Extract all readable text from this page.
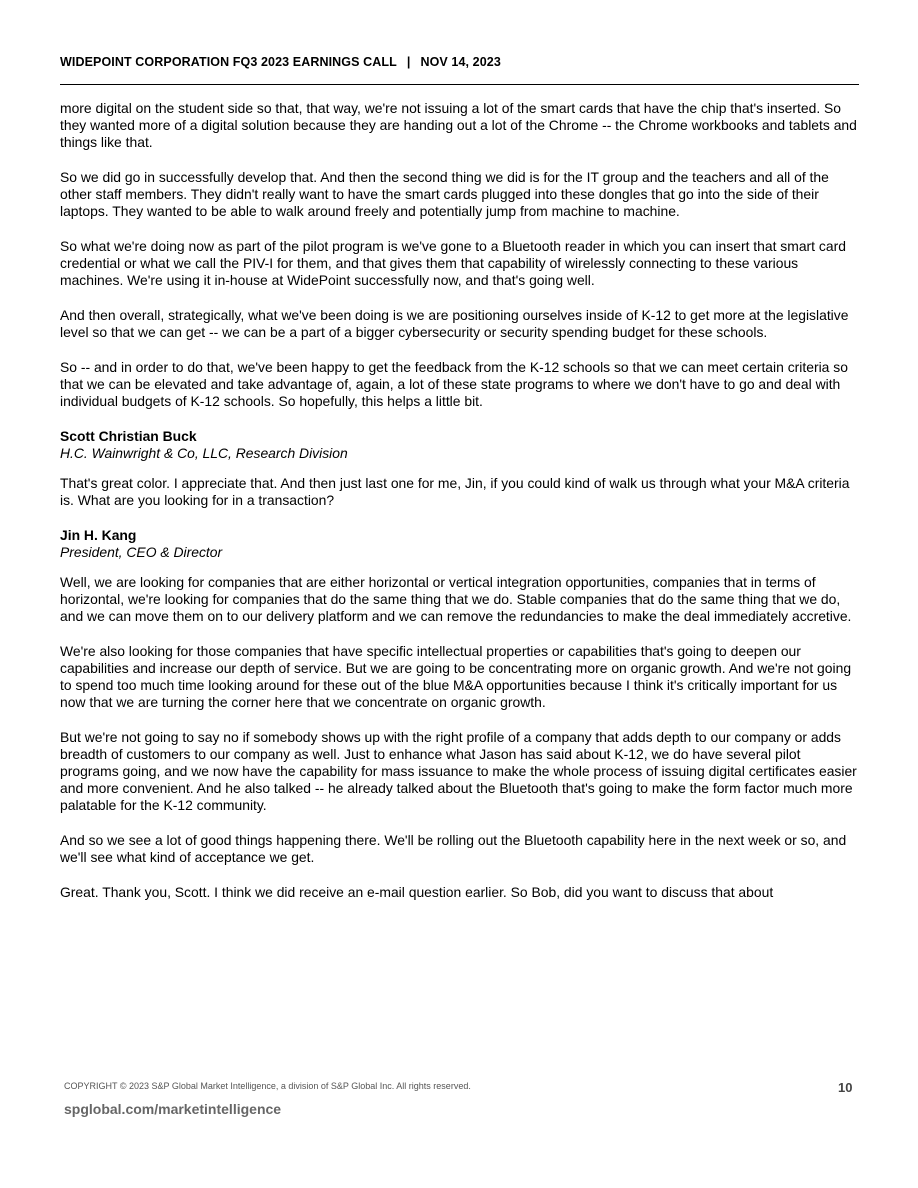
WIDEPOINT CORPORATION FQ3 2023 EARNINGS CALL | NOV 14, 2023

more digital on the student side so that, that way, we're not issuing a lot of the smart cards that have the chip that's inserted. So they wanted more of a digital solution because they are handing out a lot of the Chrome -- the Chrome workbooks and tablets and things like that.

So we did go in successfully develop that. And then the second thing we did is for the IT group and the teachers and all of the other staff members. They didn't really want to have the smart cards plugged into these dongles that go into the side of their laptops. They wanted to be able to walk around freely and potentially jump from machine to machine.

So what we're doing now as part of the pilot program is we've gone to a Bluetooth reader in which you can insert that smart card credential or what we call the PIV-I for them, and that gives them that capability of wirelessly connecting to these various machines. We're using it in-house at WidePoint successfully now, and that's going well.

And then overall, strategically, what we've been doing is we are positioning ourselves inside of K-12 to get more at the legislative level so that we can get -- we can be a part of a bigger cybersecurity or security spending budget for these schools.

So -- and in order to do that, we've been happy to get the feedback from the K-12 schools so that we can meet certain criteria so that we can be elevated and take advantage of, again, a lot of these state programs to where we don't have to go and deal with individual budgets of K-12 schools. So hopefully, this helps a little bit.

Scott Christian Buck

H.C. Wainwright & Co, LLC, Research Division

That's great color. I appreciate that. And then just last one for me, Jin, if you could kind of walk us through what your M&A criteria is. What are you looking for in a transaction?

Jin H. Kang

President, CEO & Director

Well, we are looking for companies that are either horizontal or vertical integration opportunities, companies that in terms of horizontal, we're looking for companies that do the same thing that we do. Stable companies that do the same thing that we do, and we can move them on to our delivery platform and we can remove the redundancies to make the deal immediately accretive.

We're also looking for those companies that have specific intellectual properties or capabilities that's going to deepen our capabilities and increase our depth of service. But we are going to be concentrating more on organic growth. And we're not going to spend too much time looking around for these out of the blue M&A opportunities because I think it's critically important for us now that we are turning the corner here that we concentrate on organic growth.

But we're not going to say no if somebody shows up with the right profile of a company that adds depth to our company or adds breadth of customers to our company as well. Just to enhance what Jason has said about K-12, we do have several pilot programs going, and we now have the capability for mass issuance to make the whole process of issuing digital certificates easier and more convenient. And he also talked -- he already talked about the Bluetooth that's going to make the form factor much more palatable for the K-12 community.

And so we see a lot of good things happening there. We'll be rolling out the Bluetooth capability here in the next week or so, and we'll see what kind of acceptance we get.

Great. Thank you, Scott. I think we did receive an e-mail question earlier. So Bob, did you want to discuss that about

COPYRIGHT © 2023 S&P Global Market Intelligence, a division of S&P Global Inc. All rights reserved.	10
spglobal.com/marketintelligence
